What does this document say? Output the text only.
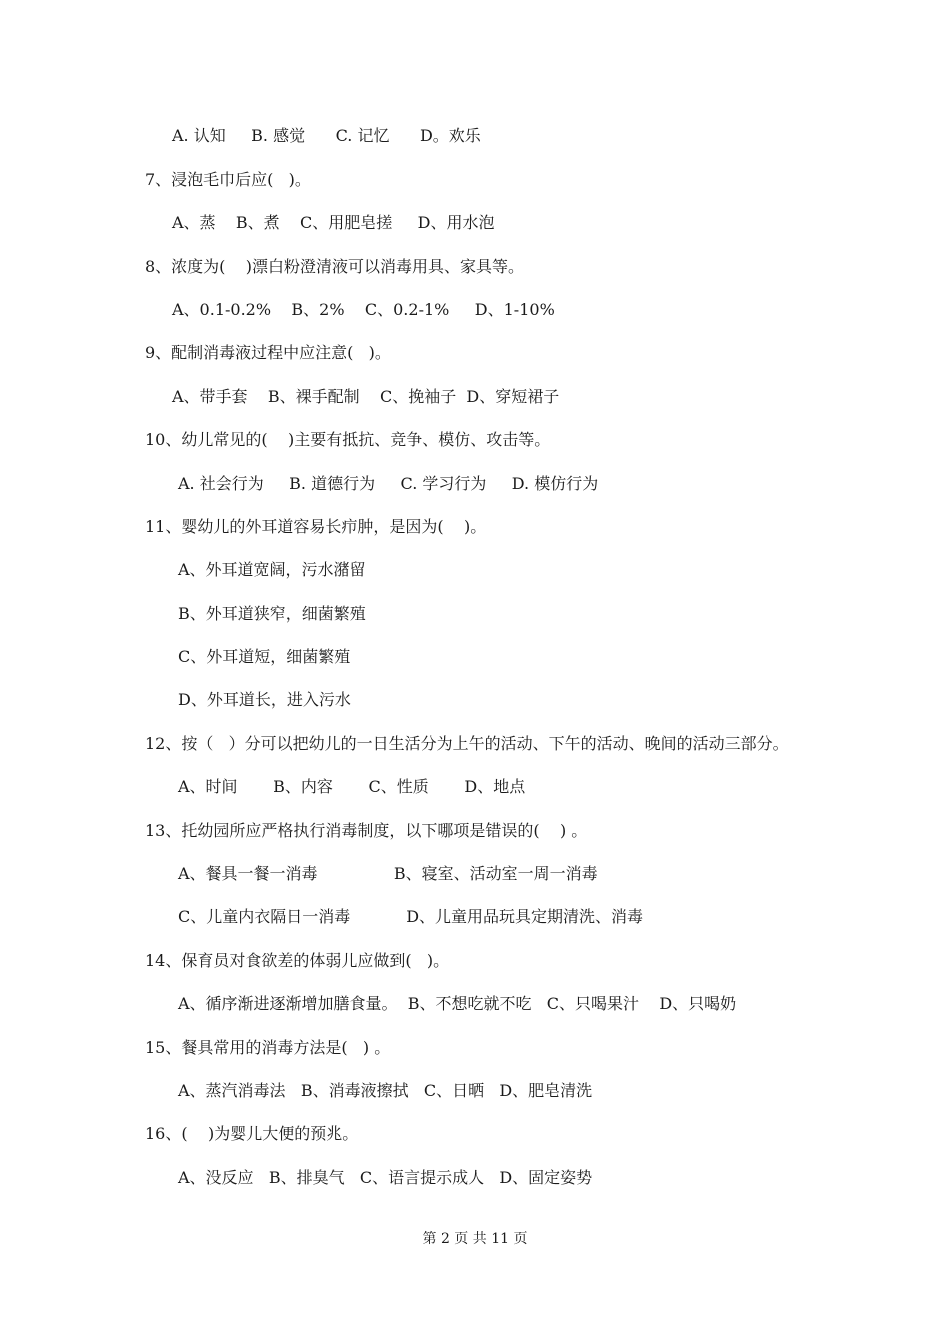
A. 认知     B. 感觉      C. 记忆      D。欢乐
7、浸泡毛巾后应(   )。
A、蒸    B、煮    C、用肥皂搓     D、用水泡
8、浓度为(    )漂白粉澄清液可以消毒用具、家具等。
A、0.1-0.2%    B、2%    C、0.2-1%     D、1-10%
9、配制消毒液过程中应注意(   )。
A、带手套    B、裸手配制    C、挽袖子  D、穿短裙子
10、幼儿常见的(    )主要有抵抗、竞争、模仿、攻击等。
A. 社会行为     B. 道德行为     C. 学习行为     D. 模仿行为
11、婴幼儿的外耳道容易长疖肿，是因为(    )。
A、外耳道宽阔，污水潴留
B、外耳道狭窄，细菌繁殖
C、外耳道短，细菌繁殖
D、外耳道长，进入污水
12、按（   ）分可以把幼儿的一日生活分为上午的活动、下午的活动、晚间的活动三部分。
A、时间       B、内容       C、性质       D、地点
13、托幼园所应严格执行消毒制度，以下哪项是错误的(    ) 。
A、餐具一餐一消毒               B、寝室、活动室一周一消毒
C、儿童内衣隔日一消毒           D、儿童用品玩具定期清洗、消毒
14、保育员对食欲差的体弱儿应做到(   )。
A、循序渐进逐渐增加膳食量。  B、不想吃就不吃   C、只喝果汁    D、只喝奶
15、餐具常用的消毒方法是(   ) 。
A、蒸汽消毒法   B、消毒液擦拭   C、日晒   D、肥皂清洗
16、(    )为婴儿大便的预兆。
A、没反应   B、排臭气   C、语言提示成人   D、固定姿势
第 2 页 共 11 页
